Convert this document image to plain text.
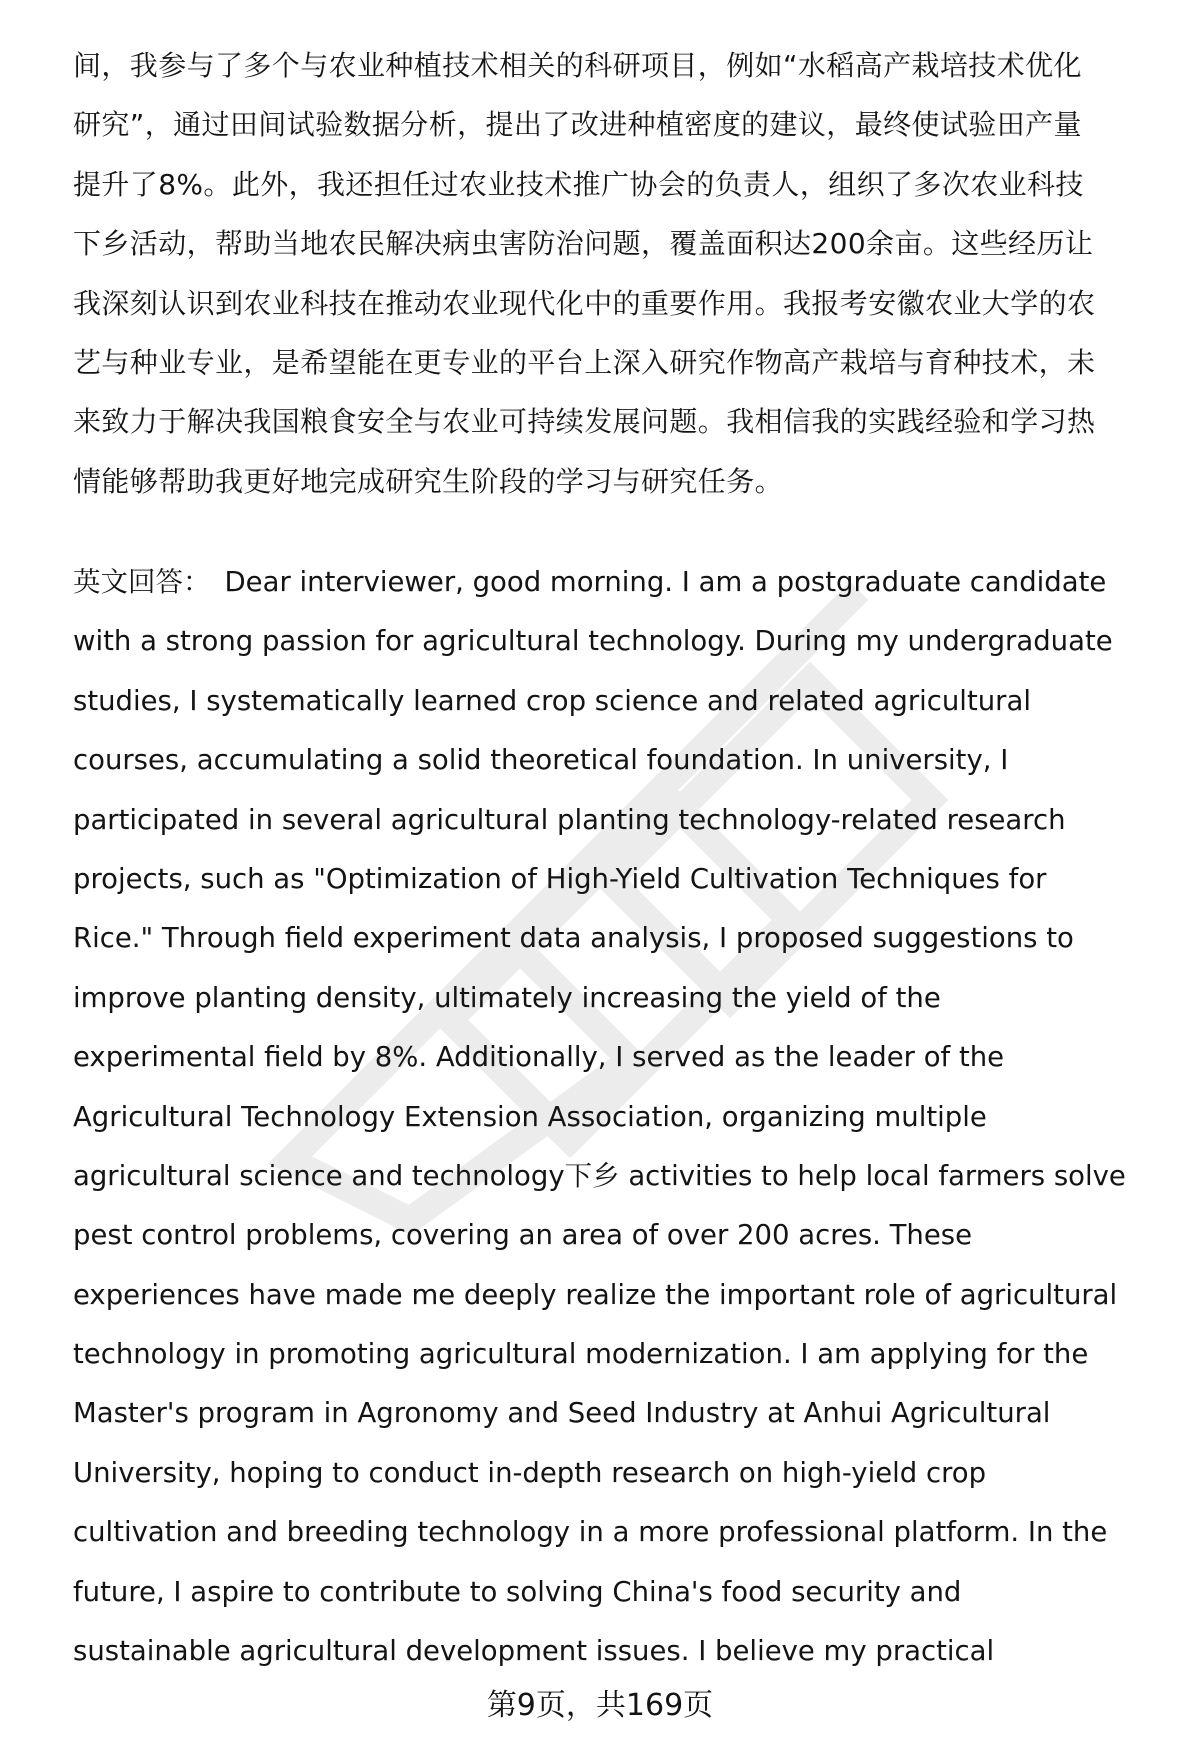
间，我参与了多个与农业种植技术相关的科研项目，例如“水稻高产栽培技术优化
研究”，通过田间试验数据分析，提出了改进种植密度的建议，最终使试验田产量
提升了8%。此外，我还担任过农业技术推广协会的负责人，组织了多次农业科技
下乡活动，帮助当地农民解决病虫害防治问题，覆盖面积达200余亩。这些经历让
我深刻认识到农业科技在推动农业现代化中的重要作用。我报考安徽农业大学的农
艺与种业专业，是希望能在更专业的平台上深入研究作物高产栽培与育种技术，未
来致力于解决我国粮食安全与农业可持续发展问题。我相信我的实践经验和学习热
情能够帮助我更好地完成研究生阶段的学习与研究任务。
英文回答： Dear interviewer, good morning. I am a postgraduate candidate
with a strong passion for agricultural technology. During my undergraduate
studies, I systematically learned crop science and related agricultural
courses, accumulating a solid theoretical foundation. In university, I
participated in several agricultural planting technology-related research
projects, such as "Optimization of High-Yield Cultivation Techniques for
Rice." Through field experiment data analysis, I proposed suggestions to
improve planting density, ultimately increasing the yield of the
experimental field by 8%. Additionally, I served as the leader of the
Agricultural Technology Extension Association, organizing multiple
agricultural science and technology下乡 activities to help local farmers solve
pest control problems, covering an area of over 200 acres. These
experiences have made me deeply realize the important role of agricultural
technology in promoting agricultural modernization. I am applying for the
Master's program in Agronomy and Seed Industry at Anhui Agricultural
University, hoping to conduct in-depth research on high-yield crop
cultivation and breeding technology in a more professional platform. In the
future, I aspire to contribute to solving China's food security and
sustainable agricultural development issues. I believe my practical
第9页，共169页
